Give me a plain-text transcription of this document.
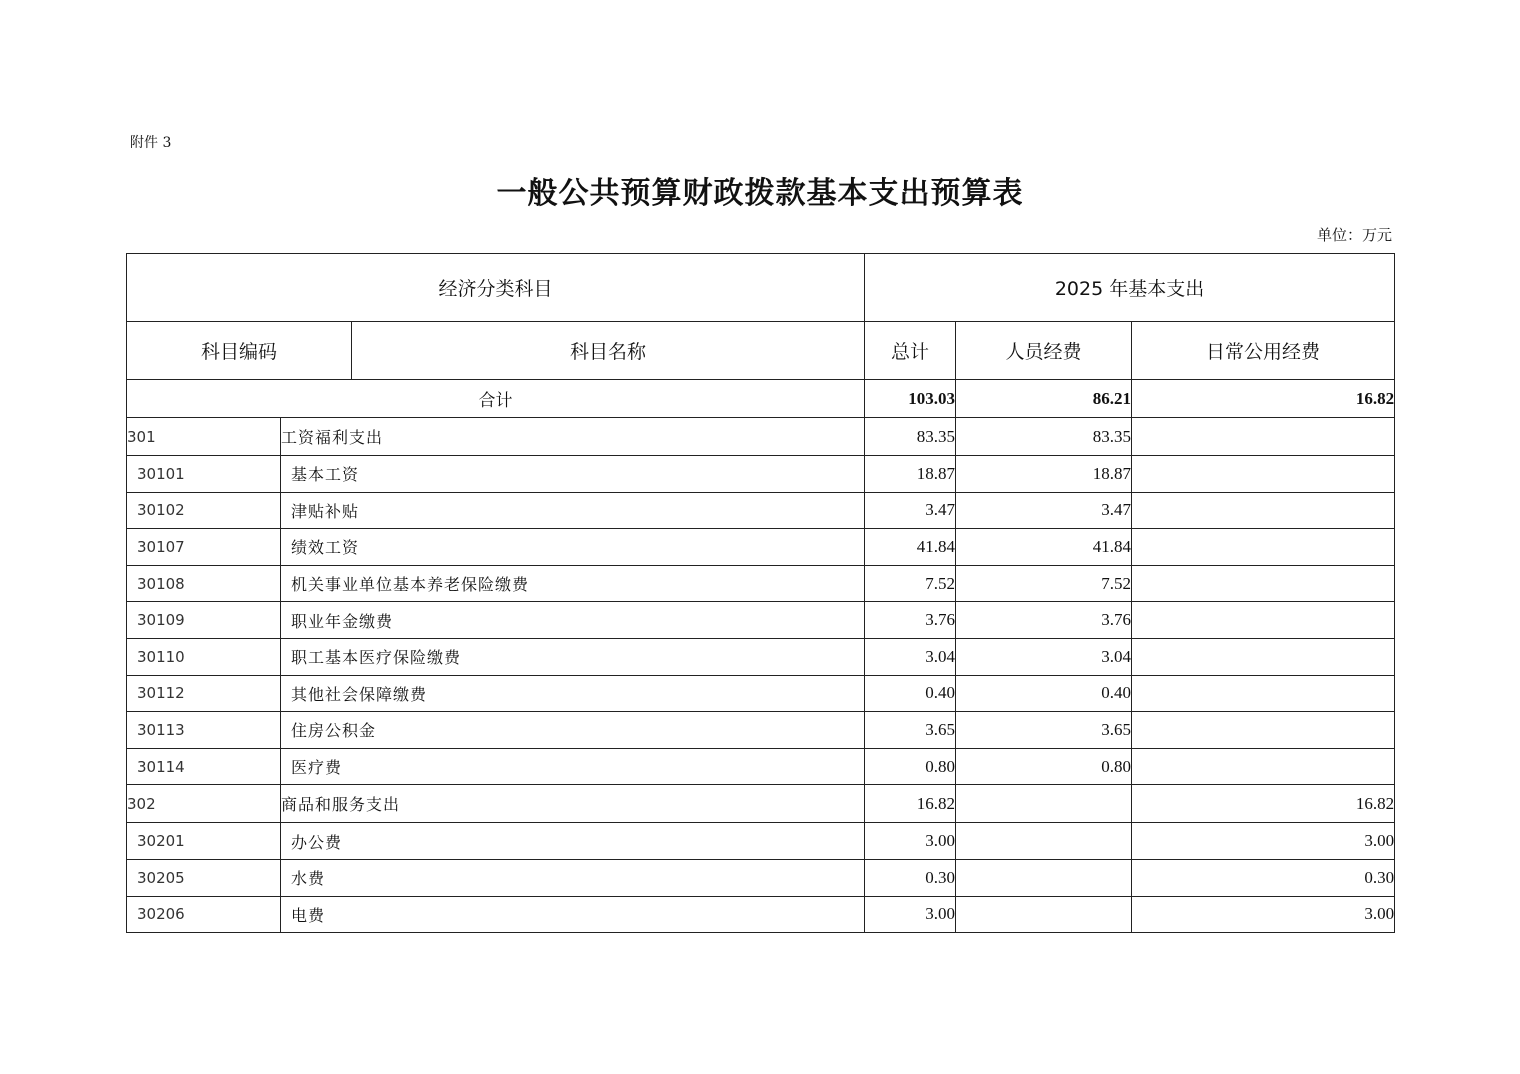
附件 3
一般公共预算财政拨款基本支出预算表
单位：万元
经济分类科目			2025 年基本支出		
科目编码		科目名称	总计	人员经费	日常公用经费
合计			103.03	86.21	16.82
301	工资福利支出		83.35	83.35	
30101	基本工资		18.87	18.87	
30102	津贴补贴		3.47	3.47	
30107	绩效工资		41.84	41.84	
30108	机关事业单位基本养老保险缴费		7.52	7.52	
30109	职业年金缴费		3.76	3.76	
30110	职工基本医疗保险缴费		3.04	3.04	
30112	其他社会保障缴费		0.40	0.40	
30113	住房公积金		3.65	3.65	
30114	医疗费		0.80	0.80	
302	商品和服务支出		16.82		16.82
30201	办公费		3.00		3.00
30205	水费		0.30		0.30
30206	电费		3.00		3.00
